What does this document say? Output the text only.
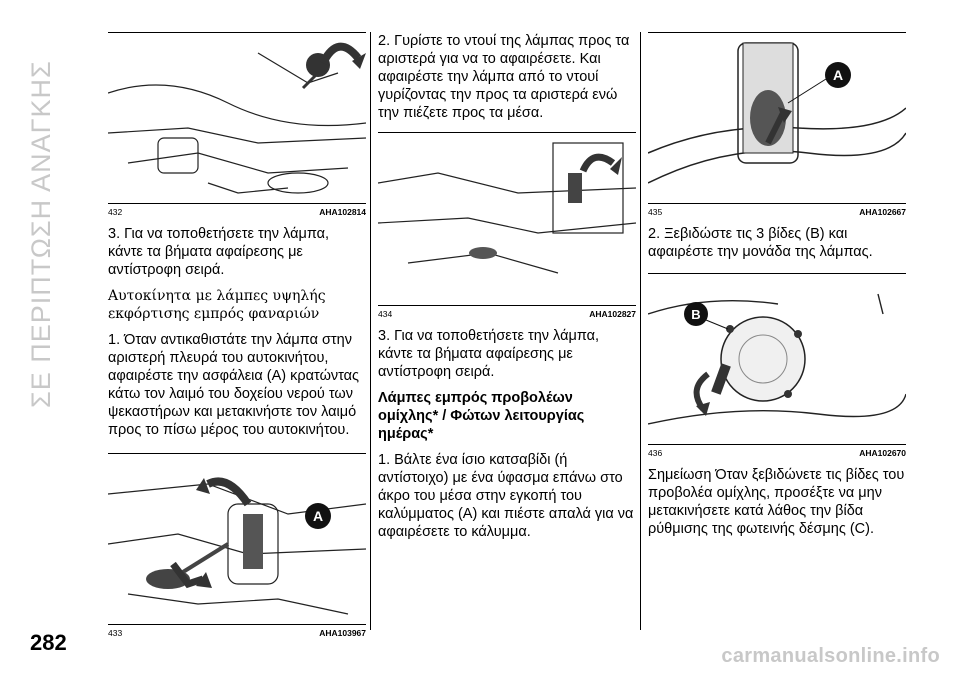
ΣΕ ΠΕΡΙΠΤΩΣΗ ΑΝΑΓΚΗΣ
282
432	AHA102814

3. Για να τοποθετήσετε την λάμπα, κάντε τα βήματα αφαίρεσης με αντίστροφη σειρά.

Αυτοκίνητα με λάμπες υψηλής εκφόρτισης εμπρός φαναριών

1. Όταν αντικαθιστάτε την λάμπα στην αριστερή πλευρά του αυτοκινήτου, αφαιρέστε την ασφάλεια (A) κρατώντας κάτω τον λαιμό του δοχείου νερού των ψεκαστήρων και μετακινήστε τον λαιμό προς το πίσω μέρος του αυτοκινήτου.

A
433	AHA103967

2. Γυρίστε το ντουί της λάμπας προς τα αριστερά για να το αφαιρέσετε. Και αφαιρέστε την λάμπα από το ντουί γυρίζοντας την προς τα αριστερά ενώ την πιέζετε προς τα μέσα.

434	AHA102827

3. Για να τοποθετήσετε την λάμπα, κάντε τα βήματα αφαίρεσης με αντίστροφη σειρά.

Λάμπες εμπρός προβολέων ομίχλης* / Φώτων λειτουργίας ημέρας*

1. Βάλτε ένα ίσιο κατσαβίδι (ή αντίστοιχο) με ένα ύφασμα επάνω στο άκρο του μέσα στην εγκοπή του καλύμματος (A) και πιέστε απαλά για να αφαιρέσετε το κάλυμμα.

A
435	AHA102667

2. Ξεβιδώστε τις 3 βίδες (B) και αφαιρέστε την μονάδα της λάμπας.

B
436	AHA102670

Σημείωση Όταν ξεβιδώνετε τις βίδες του προβολέα ομίχλης, προσέξτε να μην μετακινήσετε κατά λάθος την βίδα ρύθμισης της φωτεινής δέσμης (C).

carmanualsonline.info
